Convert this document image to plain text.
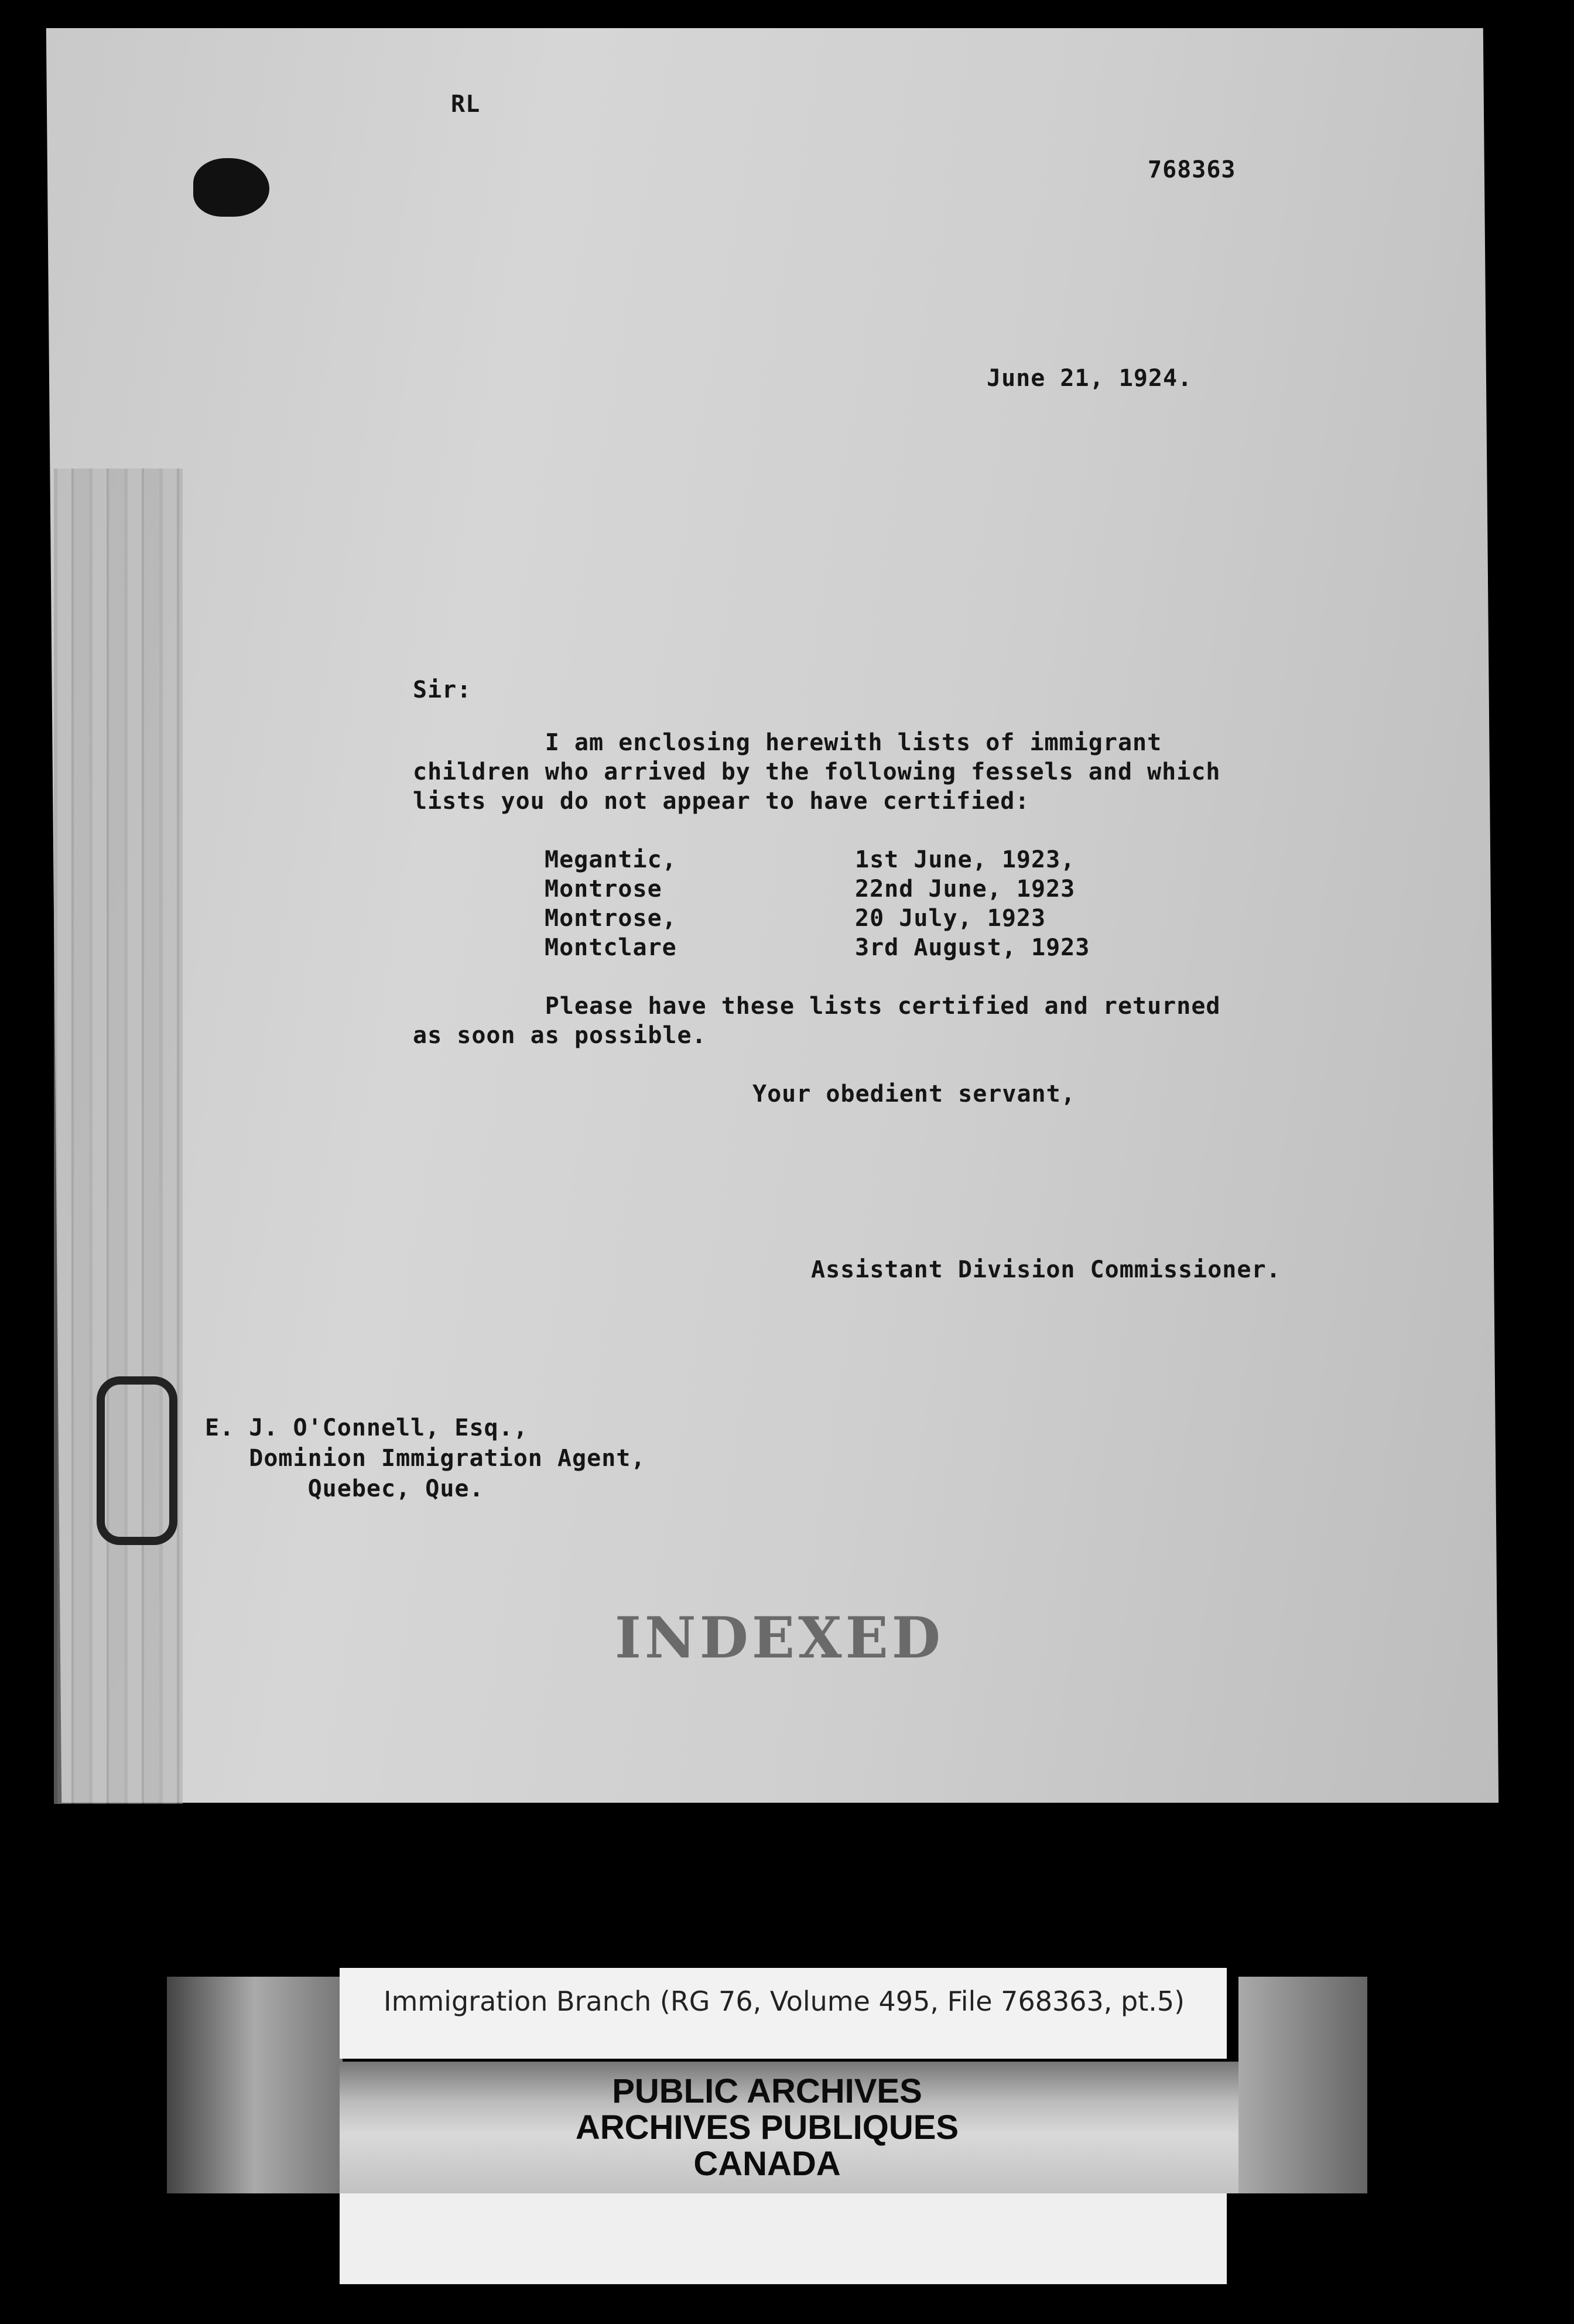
RL
768363
June 21, 1924.
Sir:
I am enclosing herewith lists of immigrant
children who arrived by the following fessels and which
lists you do not appear to have certified:
Megantic,	1st June, 1923,
Montrose	22nd June, 1923
Montrose,	20 July, 1923
Montclare	3rd August, 1923
Please have these lists certified and returned
as soon as possible.
Your obedient servant,
Assistant Division Commissioner.
E. J. O'Connell, Esq.,
Dominion Immigration Agent,
Quebec, Que.
INDEXED
Immigration Branch (RG 76, Volume 495, File 768363, pt.5)
PUBLIC ARCHIVES
ARCHIVES PUBLIQUES
CANADA
